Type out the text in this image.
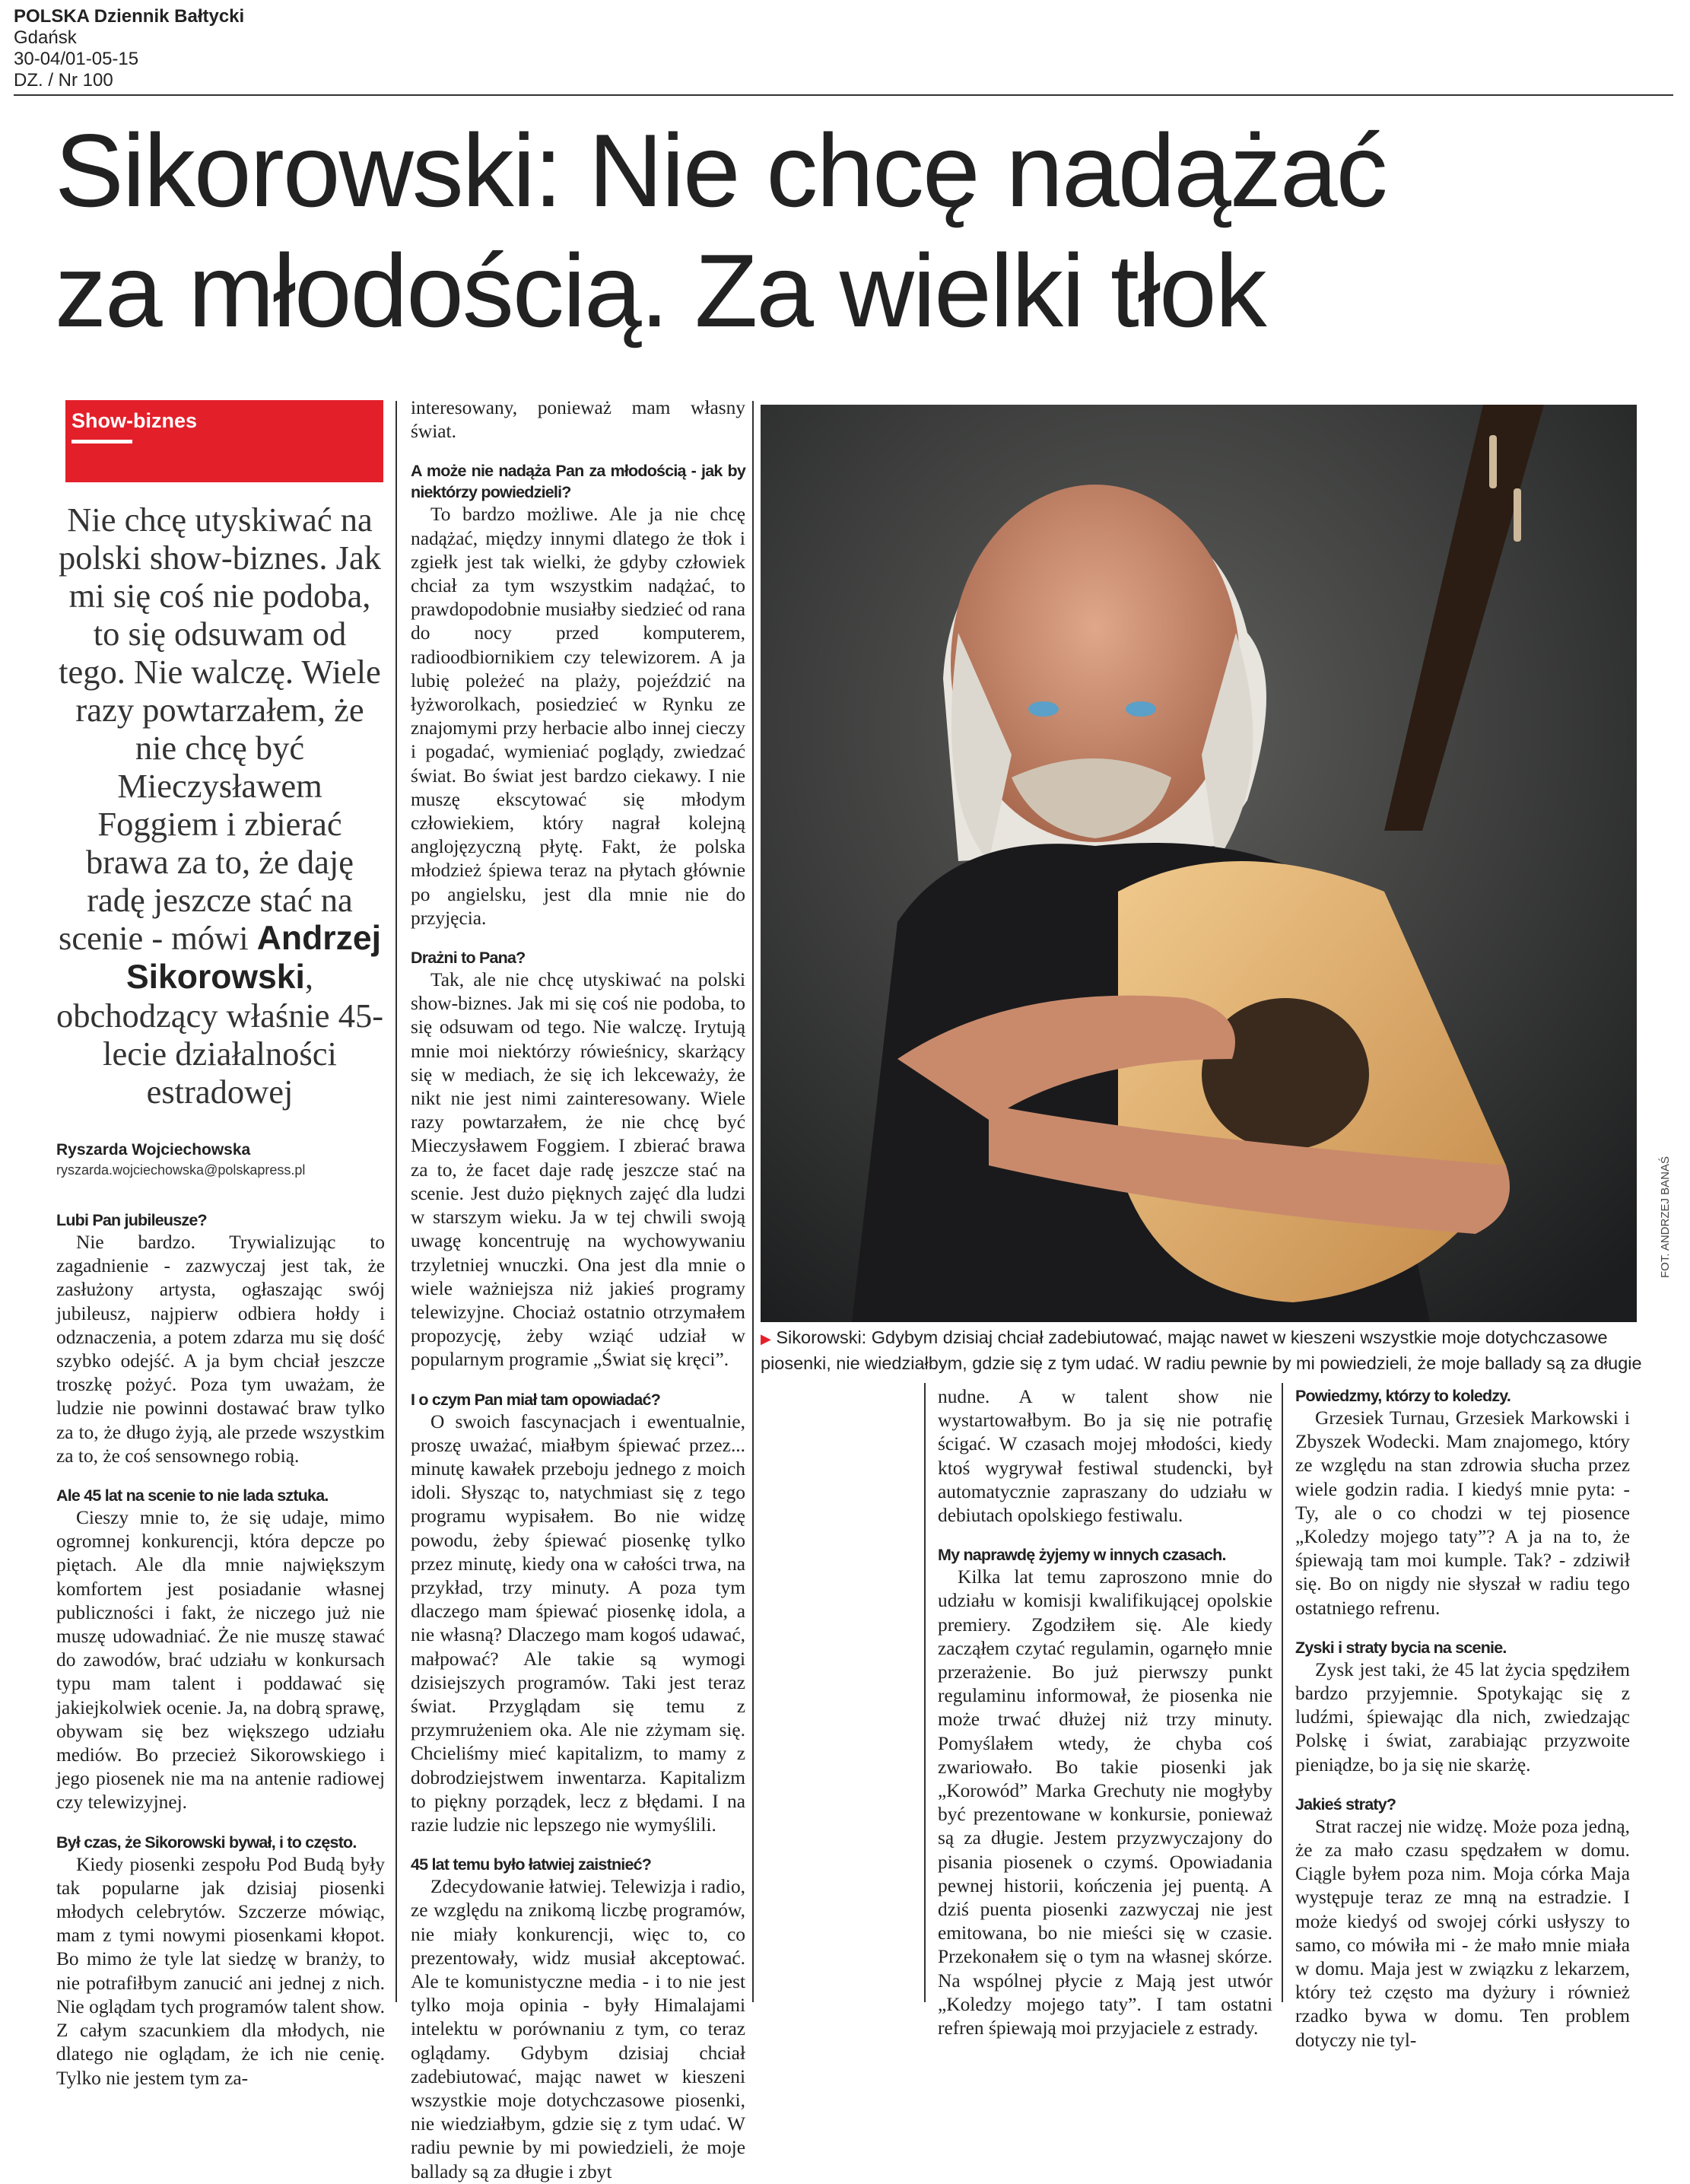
POLSKA Dziennik Bałtycki
Gdańsk
30-04/01-05-15
DZ. / Nr 100
Sikorowski: Nie chcę nadążać
za młodością. Za wielki tłok
Show-biznes
Nie chcę utyskiwać na polski show-biznes. Jak mi się coś nie podoba, to się odsuwam od tego. Nie walczę. Wiele razy powtarzałem, że nie chcę być Mieczysławem Foggiem i zbierać brawa za to, że daję radę jeszcze stać na scenie - mówi Andrzej Sikorowski, obchodzący właśnie 45-lecie działalności estradowej
Ryszarda Wojciechowska
ryszarda.wojciechowska@polskapress.pl

Lubi Pan jubileusze?

Nie bardzo. Trywializując to zagadnienie - zazwyczaj jest tak, że zasłużony artysta, ogłaszając swój jubileusz, najpierw odbiera hołdy i odznaczenia, a potem zdarza mu się dość szybko odejść. A ja bym chciał jeszcze troszkę pożyć. Poza tym uważam, że ludzie nie powinni dostawać braw tylko za to, że długo żyją, ale przede wszystkim za to, że coś sensownego robią.

Ale 45 lat na scenie to nie lada sztuka.

Cieszy mnie to, że się udaje, mimo ogromnej konkurencji, która depcze po piętach. Ale dla mnie największym komfortem jest posiadanie własnej publiczności i fakt, że niczego już nie muszę udowadniać. Że nie muszę stawać do zawodów, brać udziału w konkursach typu mam talent i poddawać się jakiejkolwiek ocenie. Ja, na dobrą sprawę, obywam się bez większego udziału mediów. Bo przecież Sikorowskiego i jego piosenek nie ma na antenie radiowej czy telewizyjnej.

Był czas, że Sikorowski bywał, i to często.

Kiedy piosenki zespołu Pod Budą były tak popularne jak dzisiaj piosenki młodych celebrytów. Szczerze mówiąc, mam z tymi nowymi piosenkami kłopot. Bo mimo że tyle lat siedzę w branży, to nie potrafiłbym zanucić ani jednej z nich. Nie oglądam tych programów talent show. Z całym szacunkiem dla młodych, nie dlatego nie oglądam, że ich nie cenię. Tylko nie jestem tym za-

interesowany, ponieważ mam własny świat.

A może nie nadąża Pan za młodością - jak by niektórzy powiedzieli?

To bardzo możliwe. Ale ja nie chcę nadążać, między innymi dlatego że tłok i zgiełk jest tak wielki, że gdyby człowiek chciał za tym wszystkim nadążać, to prawdopodobnie musiałby siedzieć od rana do nocy przed komputerem, radioodbiornikiem czy telewizorem. A ja lubię poleżeć na plaży, pojeździć na łyżworolkach, posiedzieć w Rynku ze znajomymi przy herbacie albo innej cieczy i pogadać, wymieniać poglądy, zwiedzać świat. Bo świat jest bardzo ciekawy. I nie muszę ekscytować się młodym człowiekiem, który nagrał kolejną anglojęzyczną płytę. Fakt, że polska młodzież śpiewa teraz na płytach głównie po angielsku, jest dla mnie nie do przyjęcia.

Drażni to Pana?

Tak, ale nie chcę utyskiwać na polski show-biznes. Jak mi się coś nie podoba, to się odsuwam od tego. Nie walczę. Irytują mnie moi niektórzy rówieśnicy, skarżący się w mediach, że się ich lekceważy, że nikt nie jest nimi zainteresowany. Wiele razy powtarzałem, że nie chcę być Mieczysławem Foggiem. I zbierać brawa za to, że facet daje radę jeszcze stać na scenie. Jest dużo pięknych zajęć dla ludzi w starszym wieku. Ja w tej chwili swoją uwagę koncentruję na wychowywaniu trzyletniej wnuczki. Ona jest dla mnie o wiele ważniejsza niż jakieś programy telewizyjne. Chociaż ostatnio otrzymałem propozycję, żeby wziąć udział w popularnym programie „Świat się kręci”.

I o czym Pan miał tam opowiadać?

O swoich fascynacjach i ewentualnie, proszę uważać, miałbym śpiewać przez... minutę kawałek przeboju jednego z moich idoli. Słysząc to, natychmiast się z tego programu wypisałem. Bo nie widzę powodu, żeby śpiewać piosenkę tylko przez minutę, kiedy ona w całości trwa, na przykład, trzy minuty. A poza tym dlaczego mam śpiewać piosenkę idola, a nie własną? Dlaczego mam kogoś udawać, małpować? Ale takie są wymogi dzisiejszych programów. Taki jest teraz świat. Przyglądam się temu z przymrużeniem oka. Ale nie zżymam się. Chcieliśmy mieć kapitalizm, to mamy z dobrodziejstwem inwentarza. Kapitalizm to piękny porządek, lecz z błędami. I na razie ludzie nic lepszego nie wymyślili.

45 lat temu było łatwiej zaistnieć?

Zdecydowanie łatwiej. Telewizja i radio, ze względu na znikomą liczbę programów, nie miały konkurencji, więc to, co prezentowały, widz musiał akceptować. Ale te komunistyczne media - i to nie jest tylko moja opinia - były Himalajami intelektu w porównaniu z tym, co teraz oglądamy. Gdybym dzisiaj chciał zadebiutować, mając nawet w kieszeni wszystkie moje dotychczasowe piosenki, nie wiedziałbym, gdzie się z tym udać. W radiu pewnie by mi powiedzieli, że moje ballady są za długie i zbyt

FOT. ANDRZEJ BANAŚ
▶ Sikorowski: Gdybym dzisiaj chciał zadebiutować, mając nawet w kieszeni wszystkie moje dotychczasowe piosenki, nie wiedziałbym, gdzie się z tym udać. W radiu pewnie by mi powiedzieli, że moje ballady są za długie

nudne. A w talent show nie wystartowałbym. Bo ja się nie potrafię ścigać. W czasach mojej młodości, kiedy ktoś wygrywał festiwal studencki, był automatycznie zapraszany do udziału w debiutach opolskiego festiwalu.

My naprawdę żyjemy w innych czasach.

Kilka lat temu zaproszono mnie do udziału w komisji kwalifikującej opolskie premiery. Zgodziłem się. Ale kiedy zacząłem czytać regulamin, ogarnęło mnie przerażenie. Bo już pierwszy punkt regulaminu informował, że piosenka nie może trwać dłużej niż trzy minuty. Pomyślałem wtedy, że chyba coś zwariowało. Bo takie piosenki jak „Korowód” Marka Grechuty nie mogłyby być prezentowane w konkursie, ponieważ są za długie. Jestem przyzwyczajony do pisania piosenek o czymś. Opowiadania pewnej historii, kończenia jej puentą. A dziś puenta piosenki zazwyczaj nie jest emitowana, bo nie mieści się w czasie. Przekonałem się o tym na własnej skórze. Na wspólnej płycie z Mają jest utwór „Koledzy mojego taty”. I tam ostatni refren śpiewają moi przyjaciele z estrady.

Powiedzmy, którzy to koledzy.

Grzesiek Turnau, Grzesiek Markowski i Zbyszek Wodecki. Mam znajomego, który ze względu na stan zdrowia słucha przez wiele godzin radia. I kiedyś mnie pyta: - Ty, ale o co chodzi w tej piosence „Koledzy mojego taty”? A ja na to, że śpiewają tam moi kumple. Tak? - zdziwił się. Bo on nigdy nie słyszał w radiu tego ostatniego refrenu.

Zyski i straty bycia na scenie.

Zysk jest taki, że 45 lat życia spędziłem bardzo przyjemnie. Spotykając się z ludźmi, śpiewając dla nich, zwiedzając Polskę i świat, zarabiając przyzwoite pieniądze, bo ja się nie skarżę.

Jakieś straty?

Strat raczej nie widzę. Może poza jedną, że za mało czasu spędzałem w domu. Ciągle byłem poza nim. Moja córka Maja występuje teraz ze mną na estradzie. I może kiedyś od swojej córki usłyszy to samo, co mówiła mi - że mało mnie miała w domu. Maja jest w związku z lekarzem, który też często ma dyżury i również rzadko bywa w domu. Ten problem dotyczy nie tyl-
